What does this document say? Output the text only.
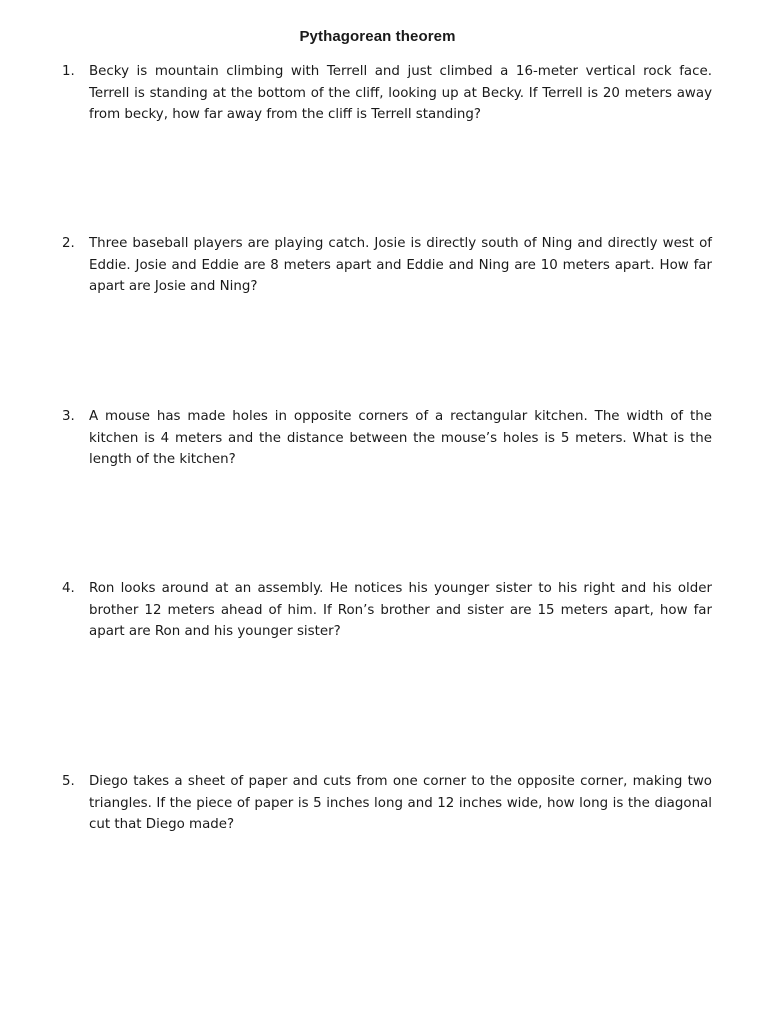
Pythagorean theorem
1.	Becky is mountain climbing with Terrell and just climbed a 16-meter vertical rock face. Terrell is standing at the bottom of the cliff, looking up at Becky. If Terrell is 20 meters away from becky, how far away from the cliff is Terrell standing?
2.	Three baseball players are playing catch. Josie is directly south of Ning and directly west of Eddie. Josie and Eddie are 8 meters apart and Eddie and Ning are 10 meters apart. How far apart are Josie and Ning?
3.	A mouse has made holes in opposite corners of a rectangular kitchen. The width of the kitchen is 4 meters and the distance between the mouse’s holes is 5 meters. What is the length of the kitchen?
4.	Ron looks around at an assembly. He notices his younger sister to his right and his older brother 12 meters ahead of him. If Ron’s brother and sister are 15 meters apart, how far apart are Ron and his younger sister?
5.	Diego takes a sheet of paper and cuts from one corner to the opposite corner, making two triangles. If the piece of paper is 5 inches long and 12 inches wide, how long is the diagonal cut that Diego made?
